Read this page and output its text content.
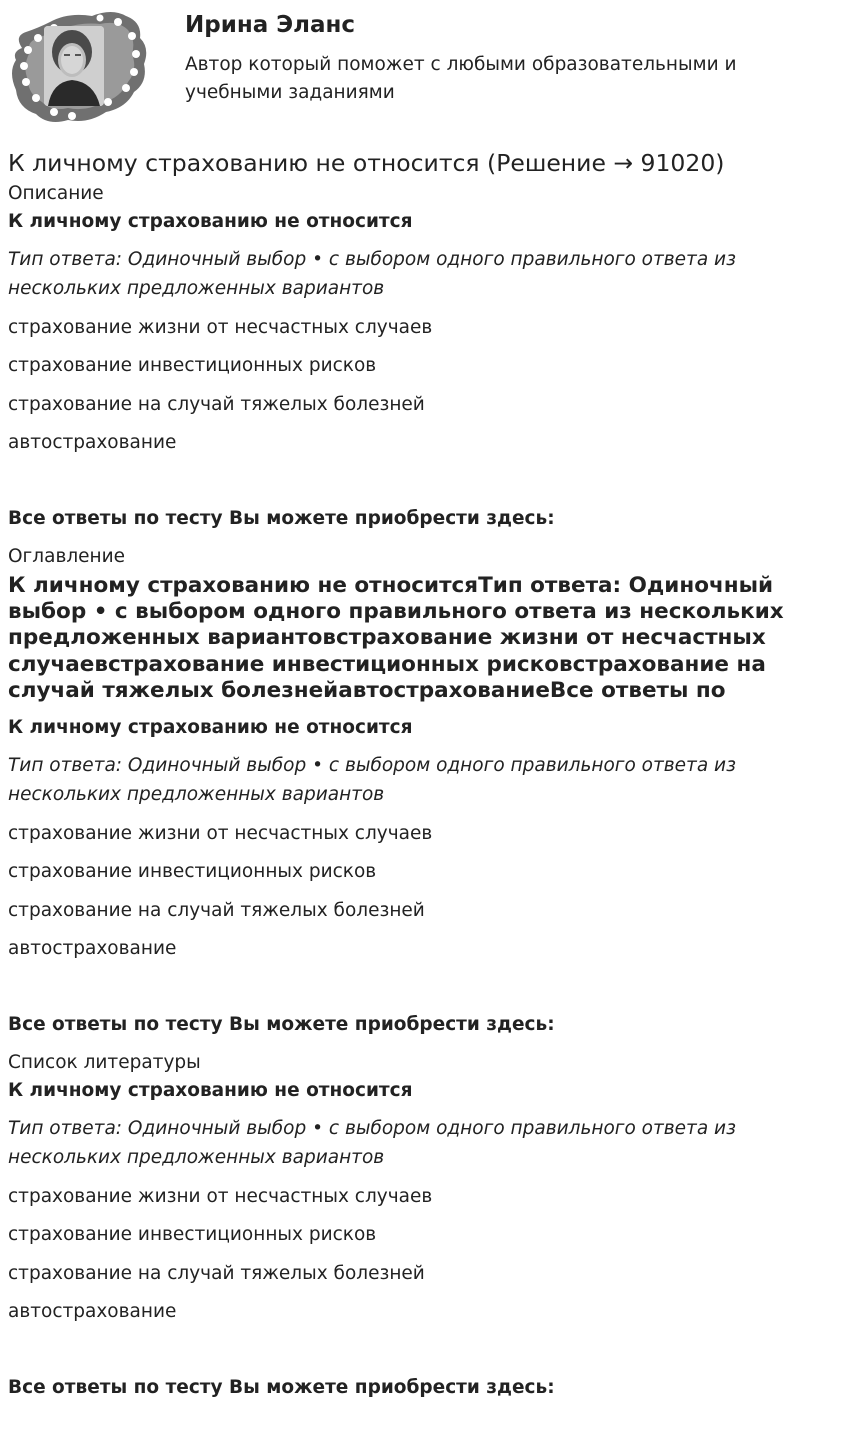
Ирина Эланс
Автор который поможет с любыми образовательными и учебными заданиями
К личному страхованию не относится (Решение → 91020)
Описание
К личному страхованию не относится
Тип ответа: Одиночный выбор • с выбором одного правильного ответа из нескольких предложенных вариантов
страхование жизни от несчастных случаев
страхование инвестиционных рисков
страхование на случай тяжелых болезней
автострахование
Все ответы по тесту Вы можете приобрести здесь:
Оглавление
К личному страхованию не относитсяТип ответа: Одиночный выбор • с выбором одного правильного ответа из нескольких предложенных вариантовстрахование жизни от несчастных случаевстрахование инвестиционных рисковстрахование на случай тяжелых болезнейавтострахованиеВсе ответы по
К личному страхованию не относится
Тип ответа: Одиночный выбор • с выбором одного правильного ответа из нескольких предложенных вариантов
страхование жизни от несчастных случаев
страхование инвестиционных рисков
страхование на случай тяжелых болезней
автострахование
Все ответы по тесту Вы можете приобрести здесь:
Список литературы
К личному страхованию не относится
Тип ответа: Одиночный выбор • с выбором одного правильного ответа из нескольких предложенных вариантов
страхование жизни от несчастных случаев
страхование инвестиционных рисков
страхование на случай тяжелых болезней
автострахование
Все ответы по тесту Вы можете приобрести здесь:
